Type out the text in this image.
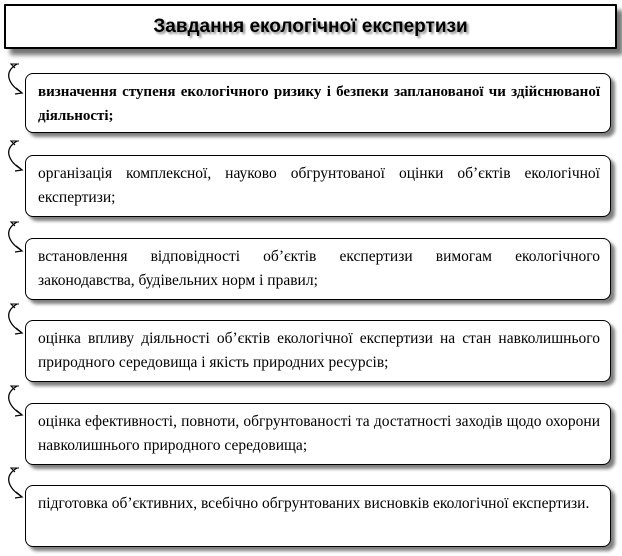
Завдання екологічної експертизи

визначення ступеня екологічного ризику і безпеки запланованої чи здійснюваної діяльності;

організація комплексної, науково обгрунтованої оцінки об’єктів екологічної експертизи;

встановлення відповідності об’єктів експертизи вимогам екологічного законодавства, будівельних норм і правил;

оцінка впливу діяльності об’єктів екологічної експертизи на стан навколишнього природного середовища і якість природних ресурсів;

оцінка ефективності, повноти, обгрунтованості та достатності заходів щодо охорони навколишнього природного середовища;

підготовка об’єктивних, всебічно обгрунтованих висновків екологічної експертизи.
